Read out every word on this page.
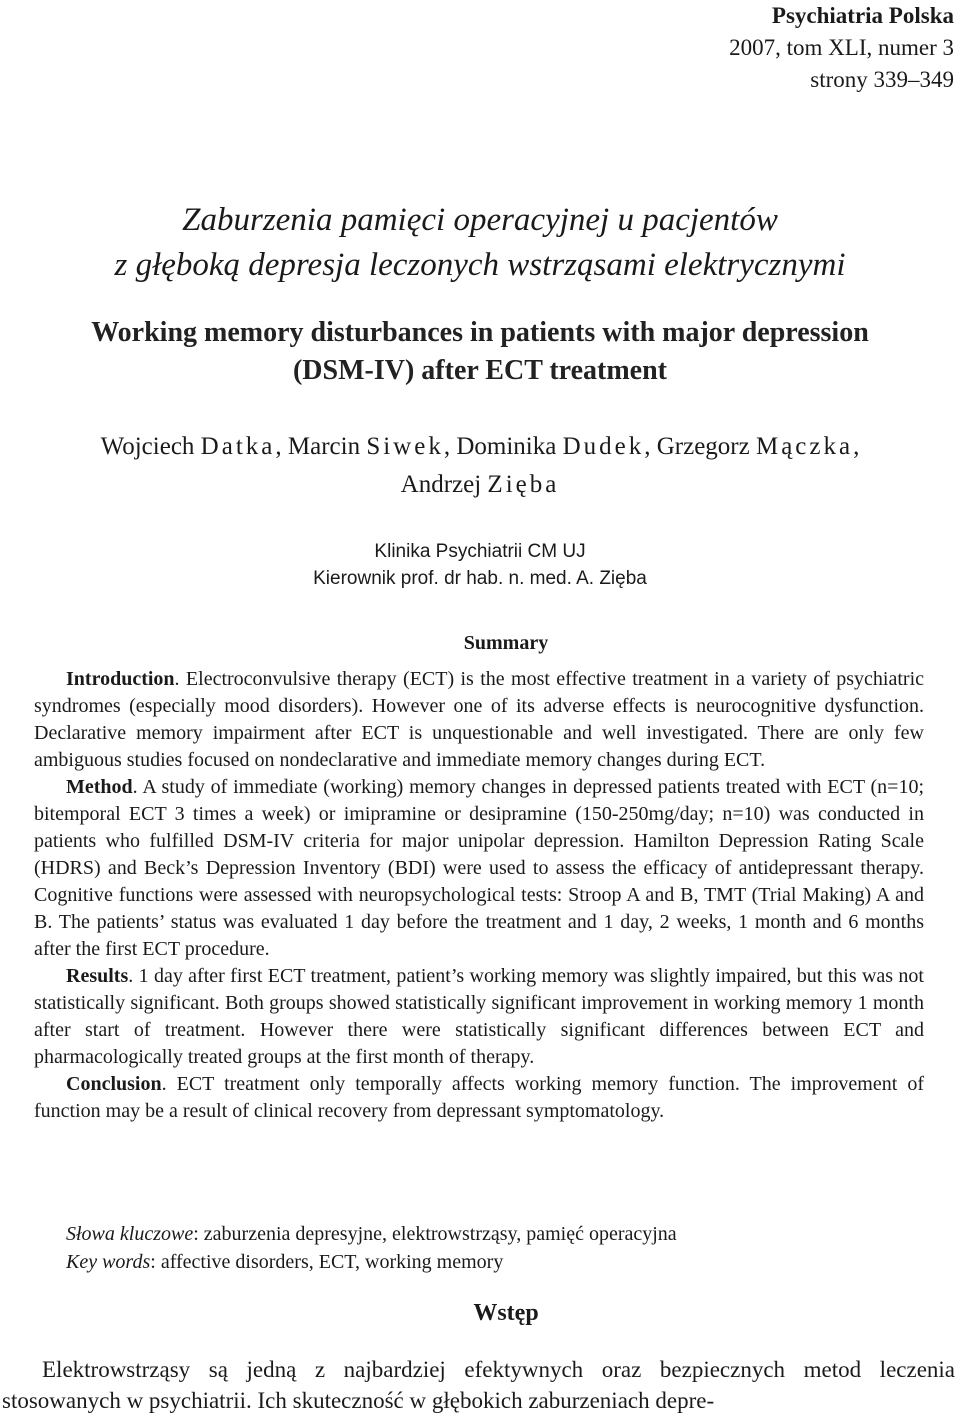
Psychiatria Polska
2007, tom XLI, numer 3
strony 339–349
Zaburzenia pamięci operacyjnej u pacjentów
z głęboką depresja leczonych wstrząsami elektrycznymi
Working memory disturbances in patients with major depression
(DSM-IV) after ECT treatment
Wojciech Datka, Marcin Siwek, Dominika Dudek, Grzegorz Mączka,
Andrzej Zięba
Klinika Psychiatrii CM UJ
Kierownik prof. dr hab. n. med. A. Zięba
Summary

Introduction. Electroconvulsive therapy (ECT) is the most effective treatment in a variety of psychiatric syndromes (especially mood disorders). However one of its adverse effects is neurocognitive dysfunction. Declarative memory impairment after ECT is unquestionable and well investigated. There are only few ambiguous studies focused on nondeclarative and immediate memory changes during ECT.

Method. A study of immediate (working) memory changes in depressed patients treated with ECT (n=10; bitemporal ECT 3 times a week) or imipramine or desipramine (150-250mg/day; n=10) was conducted in patients who fulfilled DSM-IV criteria for major unipolar depression. Hamilton Depression Rating Scale (HDRS) and Beck’s Depression Inventory (BDI) were used to assess the efficacy of antidepressant therapy. Cognitive functions were assessed with neuropsychological tests: Stroop A and B, TMT (Trial Making) A and B. The patients’ status was evaluated 1 day before the treatment and 1 day, 2 weeks, 1 month and 6 months after the first ECT procedure.

Results. 1 day after first ECT treatment, patient’s working memory was slightly impaired, but this was not statistically significant. Both groups showed statistically significant improvement in working memory 1 month after start of treatment. However there were statistically significant differences between ECT and pharmacologically treated groups at the first month of therapy.

Conclusion. ECT treatment only temporally affects working memory function. The improvement of function may be a result of clinical recovery from depressant symptomatology.

Słowa kluczowe: zaburzenia depresyjne, elektrowstrząsy, pamięć operacyjna
Key words: affective disorders, ECT, working memory
Wstęp

Elektrowstrząsy są jedną z najbardziej efektywnych oraz bezpiecznych metod leczenia stosowanych w psychiatrii. Ich skuteczność w głębokich zaburzeniach depre-
